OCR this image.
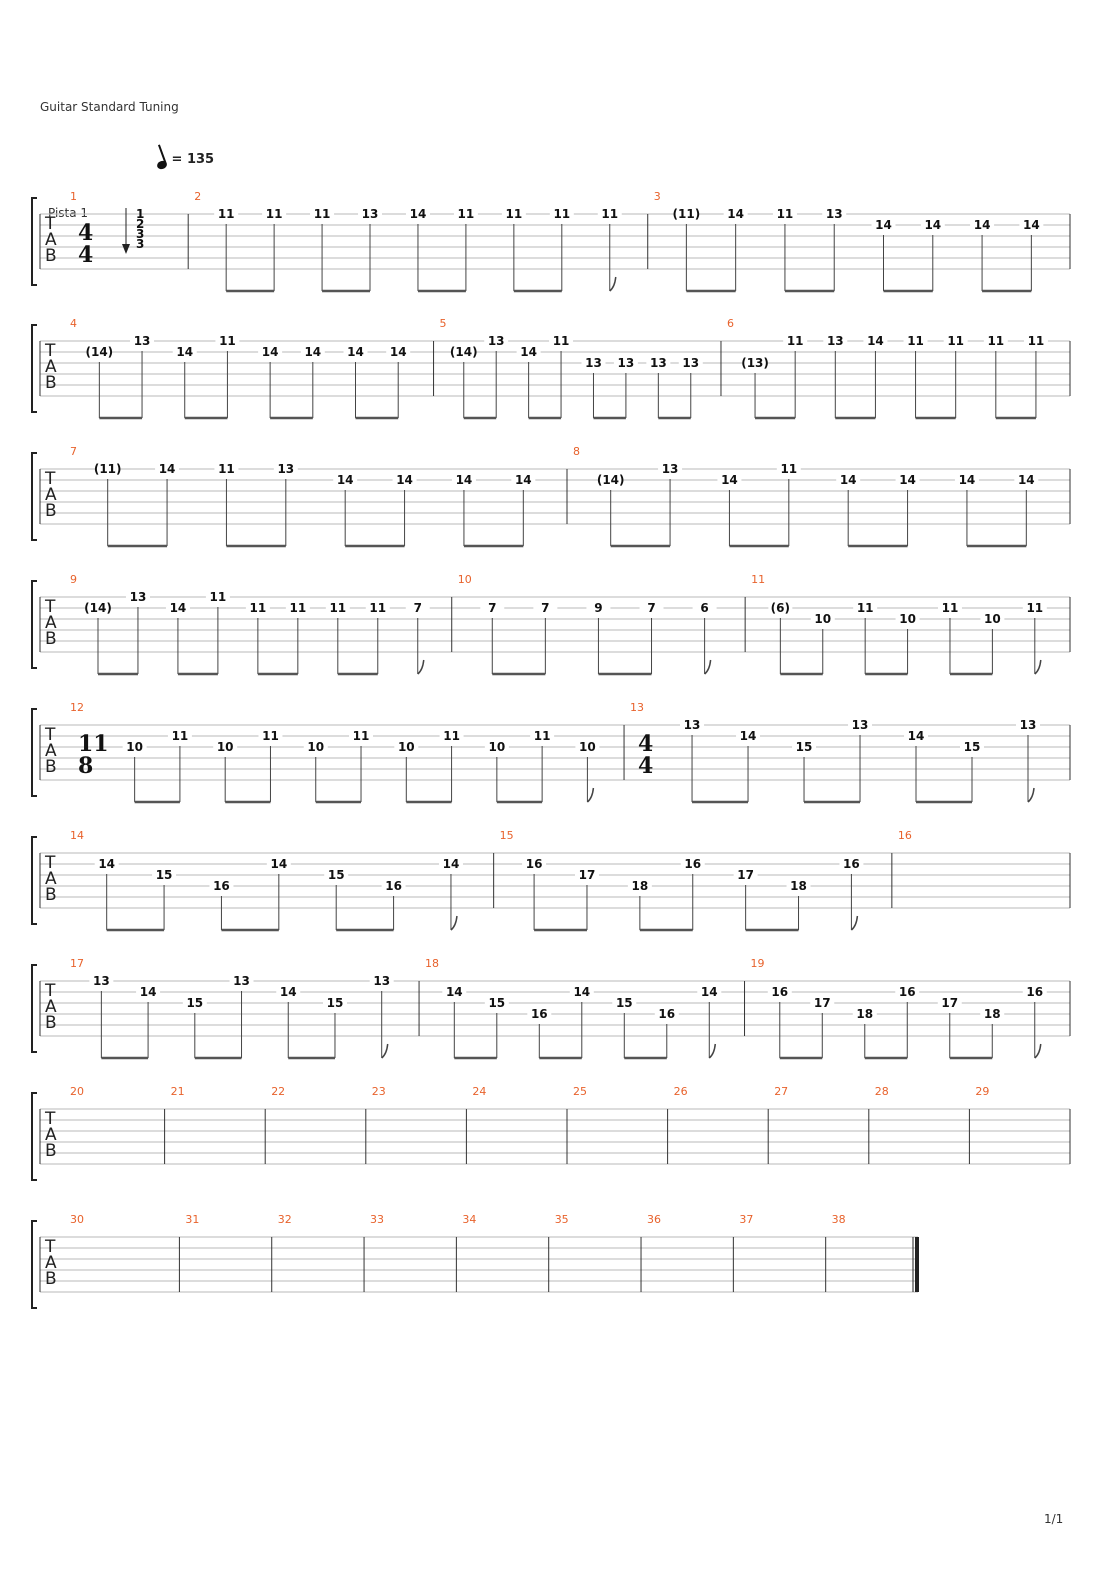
Guitar Standard Tuning
= 135
Pista 1
1/1
T
A
B
1
4
4
1
2
3
3
2
11	11	11	13	14	11	11	11	11
3
(11) 14	11	13
14	14	14	14
T
A
B
4
(14)
13
14
11
14 14 14 14
5
(14)
13
14
11
13 13 13 13
6
(13)
11 13 14 11 11 11 11
T
A
B
7
(11)	14	11	13
14	14	14	14
8
(14)
13
14
11
14	14	14	14
T
A
B
9
(14)
13
14
11
11 11 11 11 7
10
7	7	9	7	6
11
(6)
10
11
10
11
10
11
T
A
B
12
11
8
10
11
10
11
10
11
10
11
10
11
10
13
4
4
13
14
15
13
14
15
13
T
A
B
14
14
15
16
14
15
16
14
15
16
17
18
16
17
18
16
16
T
A
B
17
13
14
15
13
14
15
13
18
14
15
16
14
15
16
14
19
16
17
18
16
17
18
16
T
A
B
20	21	22	23	24	25	26	27	28	29
T
A
B
30	31	32	33	34	35	36	37	38
